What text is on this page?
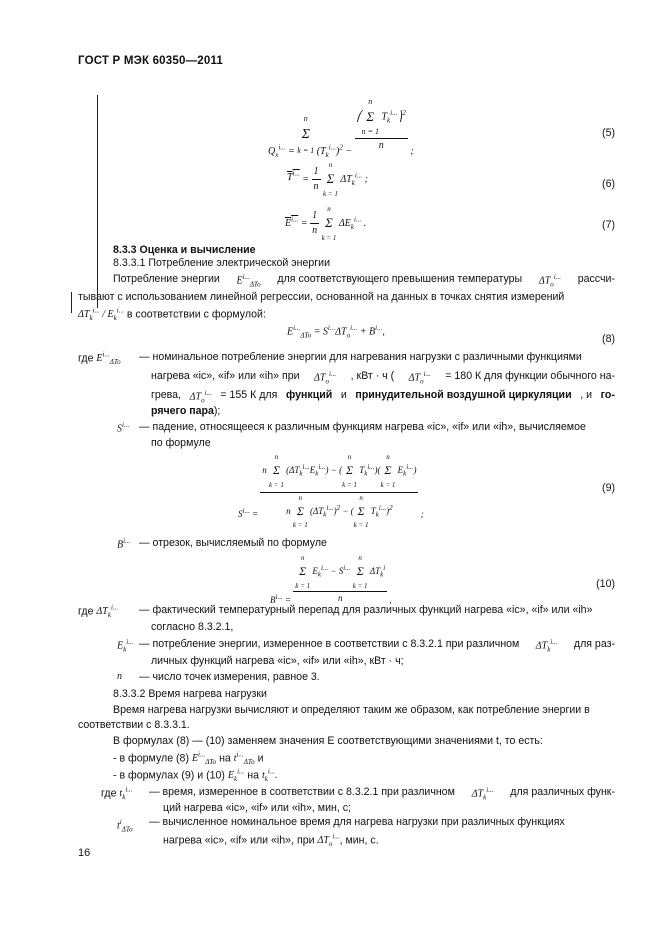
ГОСТ Р МЭК 60350—2011
$Q_x^{i...} = n$
Σ
k = 1 $(T_k^{i...})^2$ −
⎛n
Σ
n = 1 $T_k^{i...}⎞^2$
n
;
(5)
$T^{i...} = \frac{1}{n}$ n
Σ
k = 1 $\Delta T_k^{i...}$ ;	(6)
$E^{i...} = \frac{1}{n}$ n
Σ
k = 1 $\Delta E_k^{i...}$ .	(7)
8.3.3 Оценка и вычисление
8.3.3.1 Потребление электрической энергии
Потребление энергии $E^{i...}_{\Delta To}$ для соответствующего превышения температуры $\Delta T_o^{i...}$ рассчи-
тывают с использованием линейной регрессии, основанной на данных в точках снятия измерений
$\Delta T_k^{i...} / E_k^{i...}$ в соответствии с формулой:
$E^{i...}_{\Delta To} = S^{i...}\Delta T_o^{i...} + B^{i...}$,
(8)
где $E^{i...}_{\Delta To}$ — номинальное потребление энергии для нагревания нагрузки с различными функциями
нагрева «ic», «if» или «ih» при $\Delta T_o^{i...}$ , кВт · ч ( $\Delta T_o^{i...} = 180$ К для функции обычного на-
грева, $\Delta T_o^{i...} = 155$ К для функций и принудительной воздушной циркуляции , и го-
рячего пара);
$S^{i...}$ — падение, относящееся к различным функциям нагрева «ic», «if» или «ih», вычисляемое
по формуле
$S^{i...}$ =
n n
Σ
k = 1 $(\Delta T_k^{i...}E_k^{i...}) - (n$
Σ
k = 1 $T_k^{i...})(n$
Σ
k = 1 $E_k^{i...}$)
n n
Σ
k = 1 $(\Delta T_k^{i...})^2 - (n$
Σ
k = 1 $T_k^{i...})^2$
;
(9)
$B^{i...}$ — отрезок, вычисляемый по формуле
$B^{i...}$ =
n
Σ
k = 1 $E_k^{i...} - S^{i...}$ n
Σ
k = 1 $\Delta T_k^i$
n	,
(10)
где $\Delta T_k^{i...}$ — фактический температурный перепад для различных функций нагрева «ic», «if» или «ih»
согласно 8.3.2.1,
$E_k^{i...}$ — потребление энергии, измеренное в соответствии с 8.3.2.1 при различном $\Delta T_k^{i...}$ для раз-
личных функций нагрева «ic», «if» или «ih», кВт · ч;
n — число точек измерения, равное 3.
8.3.3.2 Время нагрева нагрузки
Время нагрева нагрузки вычисляют и определяют таким же образом, как потребление энергии в
соответствии с 8.3.3.1.
В формулах (8) — (10) заменяем значения E соответствующими значениями t, то есть:
- в формуле (8) $E^{i...}_{\Delta To}$ на $t^{i...}_{\Delta To}$ и
- в формулах (9) и (10) $E_k^{i...}$ на $t_k^{i...}$.
где $t_k^{i...}$ — время, измеренное в соответствии с 8.3.2.1 при различном $\Delta T_k^{i...}$ для различных функ-
ций нагрева «ic», «if» или «ih», мин, с;
$t^i_{\Delta To}$
— вычисленное номинальное время для нагрева нагрузки при различных функциях
нагрева «ic», «if» или «ih», при $\Delta T_o^{i...}$, мин, с.
16
